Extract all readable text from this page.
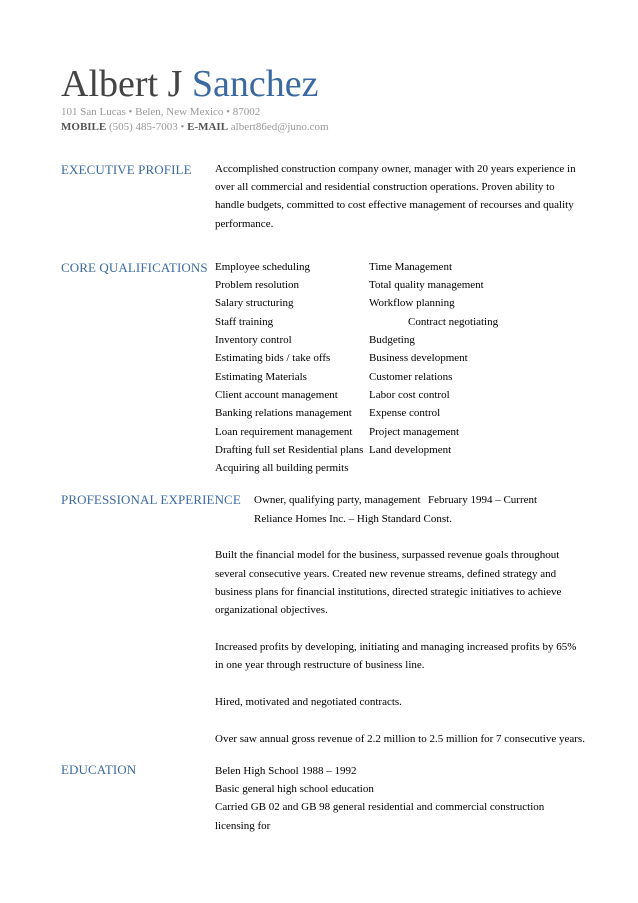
Albert J Sanchez
101 San Lucas • Belen, New Mexico • 87002
MOBILE (505) 485-7003 • E-MAIL albert86ed@juno.com
EXECUTIVE PROFILE Accomplished construction company owner, manager with 20 years experience in
over all commercial and residential construction operations. Proven ability to
handle budgets, committed to cost effective management of recourses and quality
performance.
CORE QUALIFICATIONS Employee scheduling
Problem resolution
Salary structuring
Staff training
Inventory control
Estimating bids / take offs
Estimating Materials
Client account management
Banking relations management
Loan requirement management
Drafting full set Residential plans
Acquiring all building permits
Time Management
Total quality management
Workflow planning
Contract negotiating
Budgeting
Business development
Customer relations
Labor cost control
Expense control
Project management
Land development
PROFESSIONAL EXPERIENCE Owner, qualifying party, management February 1994 – Current
Reliance Homes Inc. – High Standard Const.
Built the financial model for the business, surpassed revenue goals throughout
several consecutive years. Created new revenue streams, defined strategy and
business plans for financial institutions, directed strategic initiatives to achieve
organizational objectives.
Increased profits by developing, initiating and managing increased profits by 65%
in one year through restructure of business line.
Hired, motivated and negotiated contracts.
Over saw annual gross revenue of 2.2 million to 2.5 million for 7 consecutive years.
EDUCATION	Belen High School 1988 – 1992
Basic general high school education
Carried GB 02 and GB 98 general residential and commercial construction
licensing for
